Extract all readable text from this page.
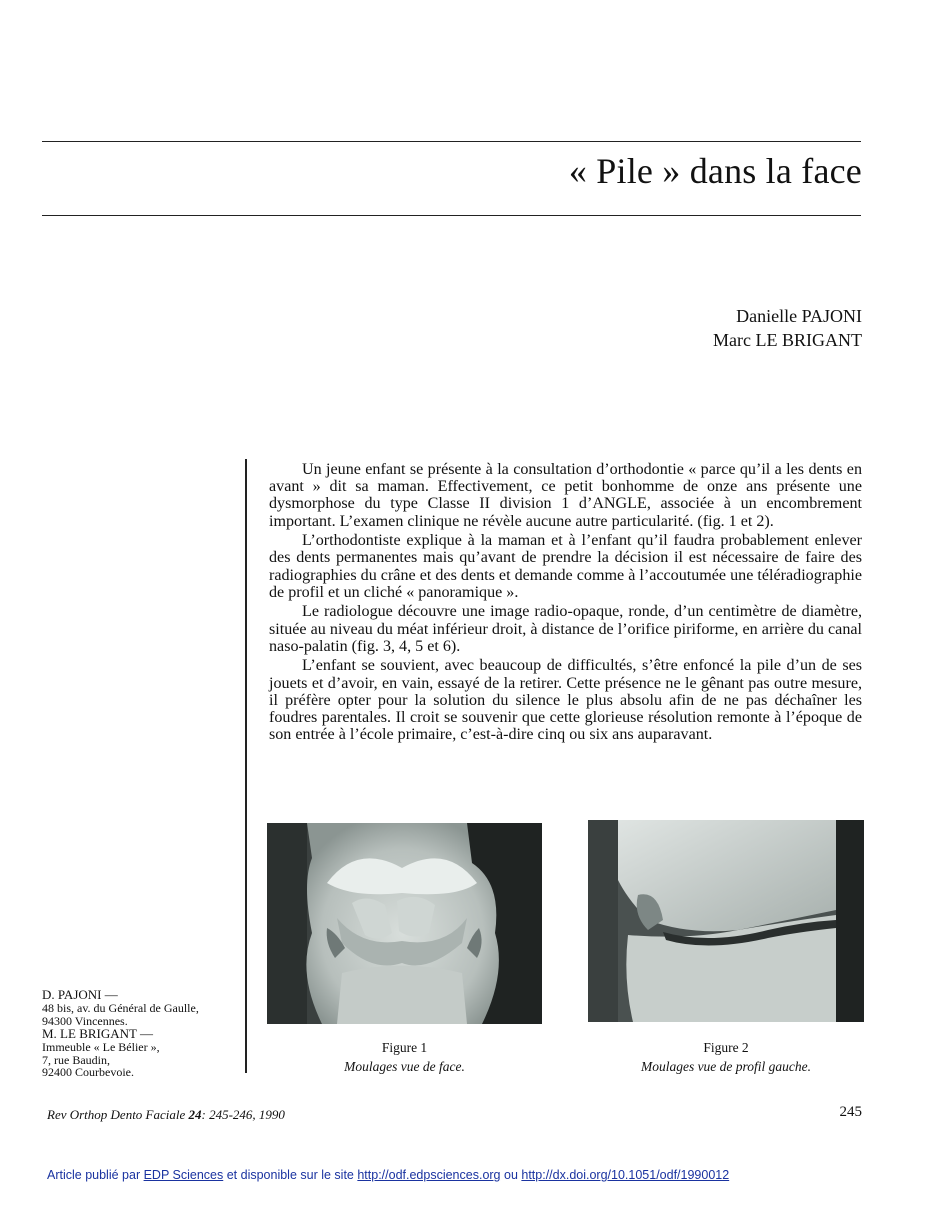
« Pile » dans la face
Danielle PAJONI
Marc LE BRIGANT

Un jeune enfant se présente à la consultation d’orthodontie « parce qu’il a les dents en avant » dit sa maman. Effectivement, ce petit bonhomme de onze ans présente une dysmorphose du type Classe II division 1 d’ANGLE, associée à un encombrement important. L’examen clinique ne révèle aucune autre particularité. (fig. 1 et 2).

L’orthodontiste explique à la maman et à l’enfant qu’il faudra probablement enlever des dents permanentes mais qu’avant de prendre la décision il est nécessaire de faire des radiographies du crâne et des dents et demande comme à l’accoutumée une téléradiographie de profil et un cliché « panoramique ».

Le radiologue découvre une image radio-opaque, ronde, d’un centimètre de diamètre, située au niveau du méat inférieur droit, à distance de l’orifice piriforme, en arrière du canal naso-palatin (fig. 3, 4, 5 et 6).

L’enfant se souvient, avec beaucoup de difficultés, s’être enfoncé la pile d’un de ses jouets et d’avoir, en vain, essayé de la retirer. Cette présence ne le gênant pas outre mesure, il préfère opter pour la solution du silence le plus absolu afin de ne pas déchaîner les foudres parentales. Il croit se souvenir que cette glorieuse résolution remonte à l’époque de son entrée à l’école primaire, c’est-à-dire cinq ou six ans auparavant.

Figure 1
Moulages vue de face.
Figure 2
Moulages vue de profil gauche.
D. PAJONI —
48 bis, av. du Général de Gaulle,
94300 Vincennes.
M. LE BRIGANT —
Immeuble « Le Bélier »,
7, rue Baudin,
92400 Courbevoie.
Rev Orthop Dento Faciale 24: 245-246, 1990	245
Article publié par EDP Sciences et disponible sur le site http://odf.edpsciences.org ou http://dx.doi.org/10.1051/odf/1990012
